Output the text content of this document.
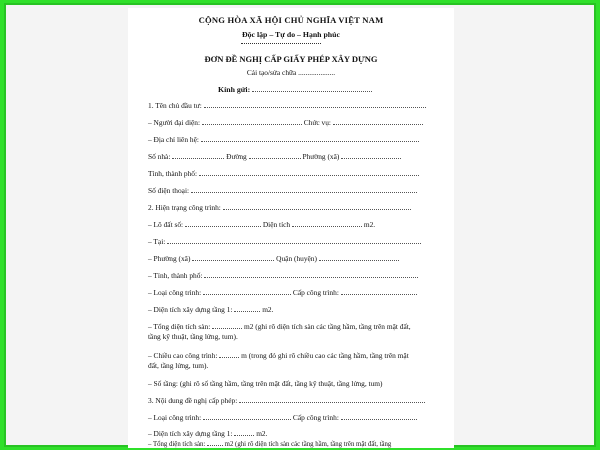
CỘNG HÒA XÃ HỘI CHỦ NGHĨA VIỆT NAM
Độc lập – Tự do – Hạnh phúc
ĐƠN ĐỀ NGHỊ CẤP GIẤY PHÉP XÂY DỰNG
Cải tạo/sửa chữa ....................
Kính gửi:
1. Tên chủ đầu tư:
– Người đại diện:	Chức vụ:
– Địa chỉ liên hệ:
Số nhà:	Đường	Phường (xã)
Tỉnh, thành phố:
Số điện thoại:
2. Hiện trạng công trình:
– Lô đất số:	Diện tích	m2.
– Tại:
– Phường (xã)	Quận (huyện)
– Tỉnh, thành phố:
– Loại công trình:	Cấp công trình:
– Diện tích xây dựng tầng 1:	m2.
– Tổng diện tích sàn:	m2 (ghi rõ diện tích sàn các tầng hầm, tầng trên mặt đất,
tầng kỹ thuật, tầng lửng, tum).
– Chiều cao công trình:	m (trong đó ghi rõ chiều cao các tầng hầm, tầng trên mặt
đất, tầng lửng, tum).
– Số tầng: (ghi rõ số tầng hầm, tầng trên mặt đất, tầng kỹ thuật, tầng lửng, tum)
3. Nội dung đề nghị cấp phép:
– Loại công trình:	Cấp công trình:
– Diện tích xây dựng tầng 1:	m2.
– Tổng diện tích sàn:	m2 (ghi rõ diện tích sàn các tầng hầm, tầng trên mặt đất, tầng
